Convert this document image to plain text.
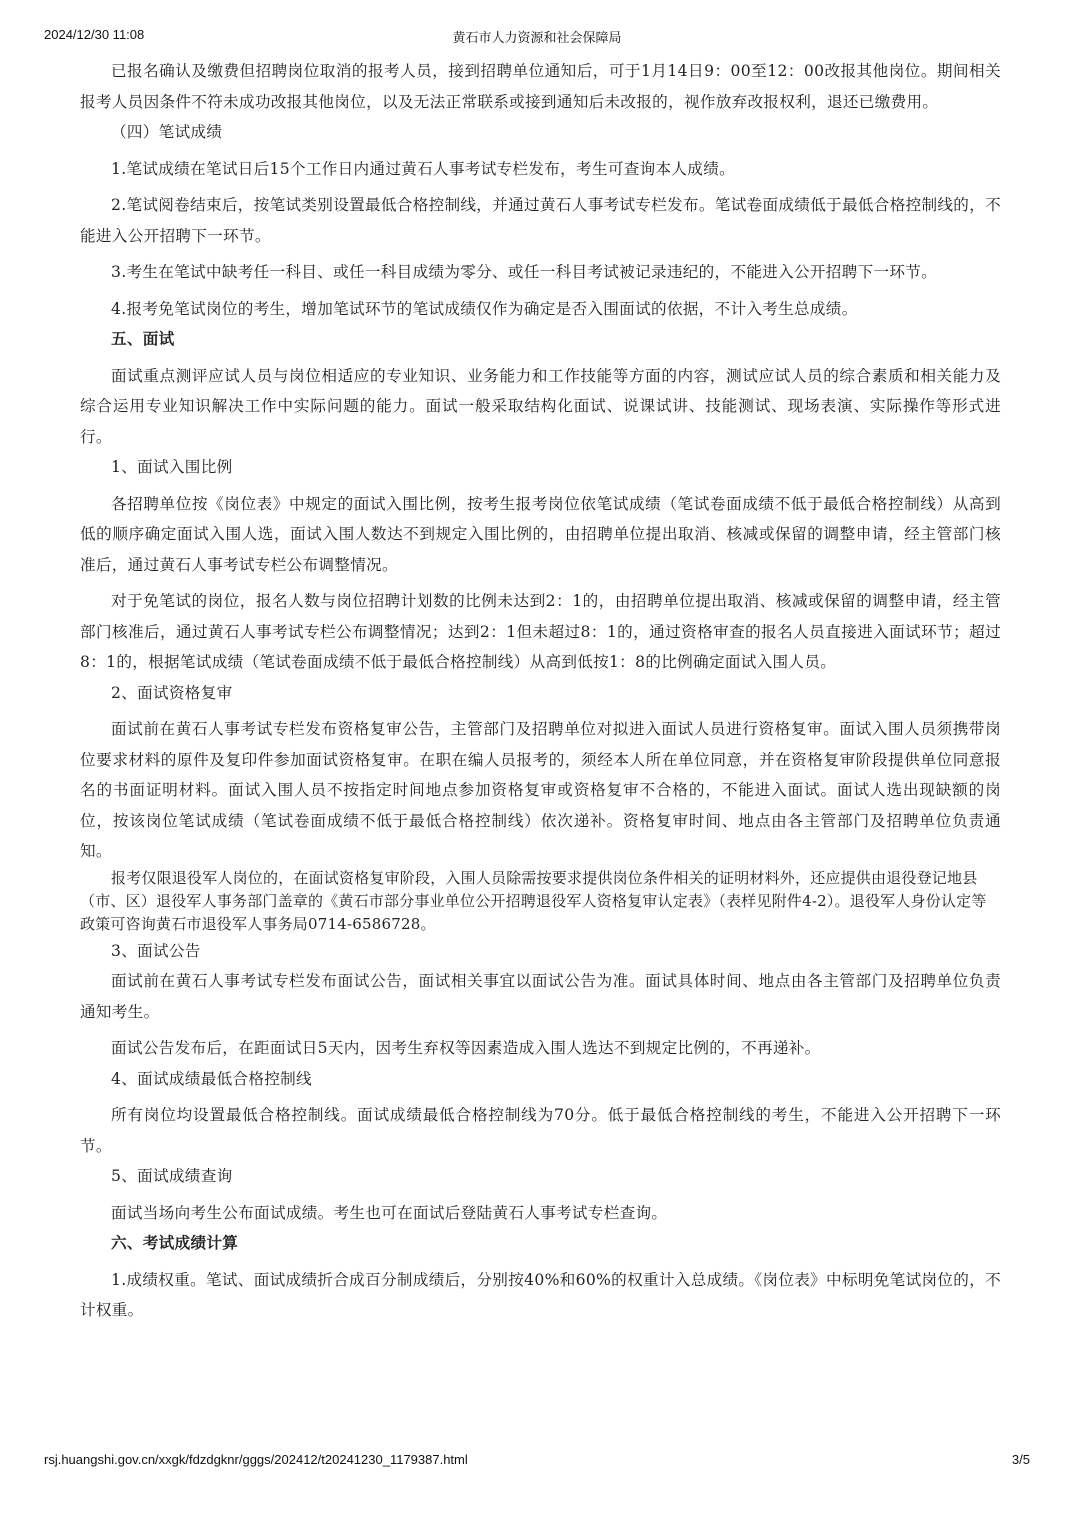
2024/12/30 11:08	黄石市人力资源和社会保障局

已报名确认及缴费但招聘岗位取消的报考人员，接到招聘单位通知后，可于1月14日9：00至12：00改报其他岗位。期间相关报考人员因条件不符未成功改报其他岗位，以及无法正常联系或接到通知后未改报的，视作放弃改报权利，退还已缴费用。

（四）笔试成绩

1.笔试成绩在笔试日后15个工作日内通过黄石人事考试专栏发布，考生可查询本人成绩。

2.笔试阅卷结束后，按笔试类别设置最低合格控制线，并通过黄石人事考试专栏发布。笔试卷面成绩低于最低合格控制线的，不能进入公开招聘下一环节。

3.考生在笔试中缺考任一科目、或任一科目成绩为零分、或任一科目考试被记录违纪的，不能进入公开招聘下一环节。

4.报考免笔试岗位的考生，增加笔试环节的笔试成绩仅作为确定是否入围面试的依据，不计入考生总成绩。

五、面试

面试重点测评应试人员与岗位相适应的专业知识、业务能力和工作技能等方面的内容，测试应试人员的综合素质和相关能力及综合运用专业知识解决工作中实际问题的能力。面试一般采取结构化面试、说课试讲、技能测试、现场表演、实际操作等形式进行。

1、面试入围比例

各招聘单位按《岗位表》中规定的面试入围比例，按考生报考岗位依笔试成绩（笔试卷面成绩不低于最低合格控制线）从高到低的顺序确定面试入围人选，面试入围人数达不到规定入围比例的，由招聘单位提出取消、核减或保留的调整申请，经主管部门核准后，通过黄石人事考试专栏公布调整情况。

对于免笔试的岗位，报名人数与岗位招聘计划数的比例未达到2：1的，由招聘单位提出取消、核减或保留的调整申请，经主管部门核准后，通过黄石人事考试专栏公布调整情况；达到2：1但未超过8：1的，通过资格审查的报名人员直接进入面试环节；超过8：1的，根据笔试成绩（笔试卷面成绩不低于最低合格控制线）从高到低按1：8的比例确定面试入围人员。

2、面试资格复审

面试前在黄石人事考试专栏发布资格复审公告，主管部门及招聘单位对拟进入面试人员进行资格复审。面试入围人员须携带岗位要求材料的原件及复印件参加面试资格复审。在职在编人员报考的，须经本人所在单位同意，并在资格复审阶段提供单位同意报名的书面证明材料。面试入围人员不按指定时间地点参加资格复审或资格复审不合格的，不能进入面试。面试人选出现缺额的岗位，按该岗位笔试成绩（笔试卷面成绩不低于最低合格控制线）依次递补。资格复审时间、地点由各主管部门及招聘单位负责通知。

报考仅限退役军人岗位的，在面试资格复审阶段，入围人员除需按要求提供岗位条件相关的证明材料外，还应提供由退役登记地县（市、区）退役军人事务部门盖章的《黄石市部分事业单位公开招聘退役军人资格复审认定表》（表样见附件4-2）。退役军人身份认定等政策可咨询黄石市退役军人事务局0714-6586728。

3、面试公告

面试前在黄石人事考试专栏发布面试公告，面试相关事宜以面试公告为准。面试具体时间、地点由各主管部门及招聘单位负责通知考生。

面试公告发布后，在距面试日5天内，因考生弃权等因素造成入围人选达不到规定比例的，不再递补。

4、面试成绩最低合格控制线

所有岗位均设置最低合格控制线。面试成绩最低合格控制线为70分。低于最低合格控制线的考生，不能进入公开招聘下一环节。

5、面试成绩查询

面试当场向考生公布面试成绩。考生也可在面试后登陆黄石人事考试专栏查询。

六、考试成绩计算

1.成绩权重。笔试、面试成绩折合成百分制成绩后，分别按40%和60%的权重计入总成绩。《岗位表》中标明免笔试岗位的，不计权重。

rsj.huangshi.gov.cn/xxgk/fdzdgknr/gggs/202412/t20241230_1179387.html	3/5
